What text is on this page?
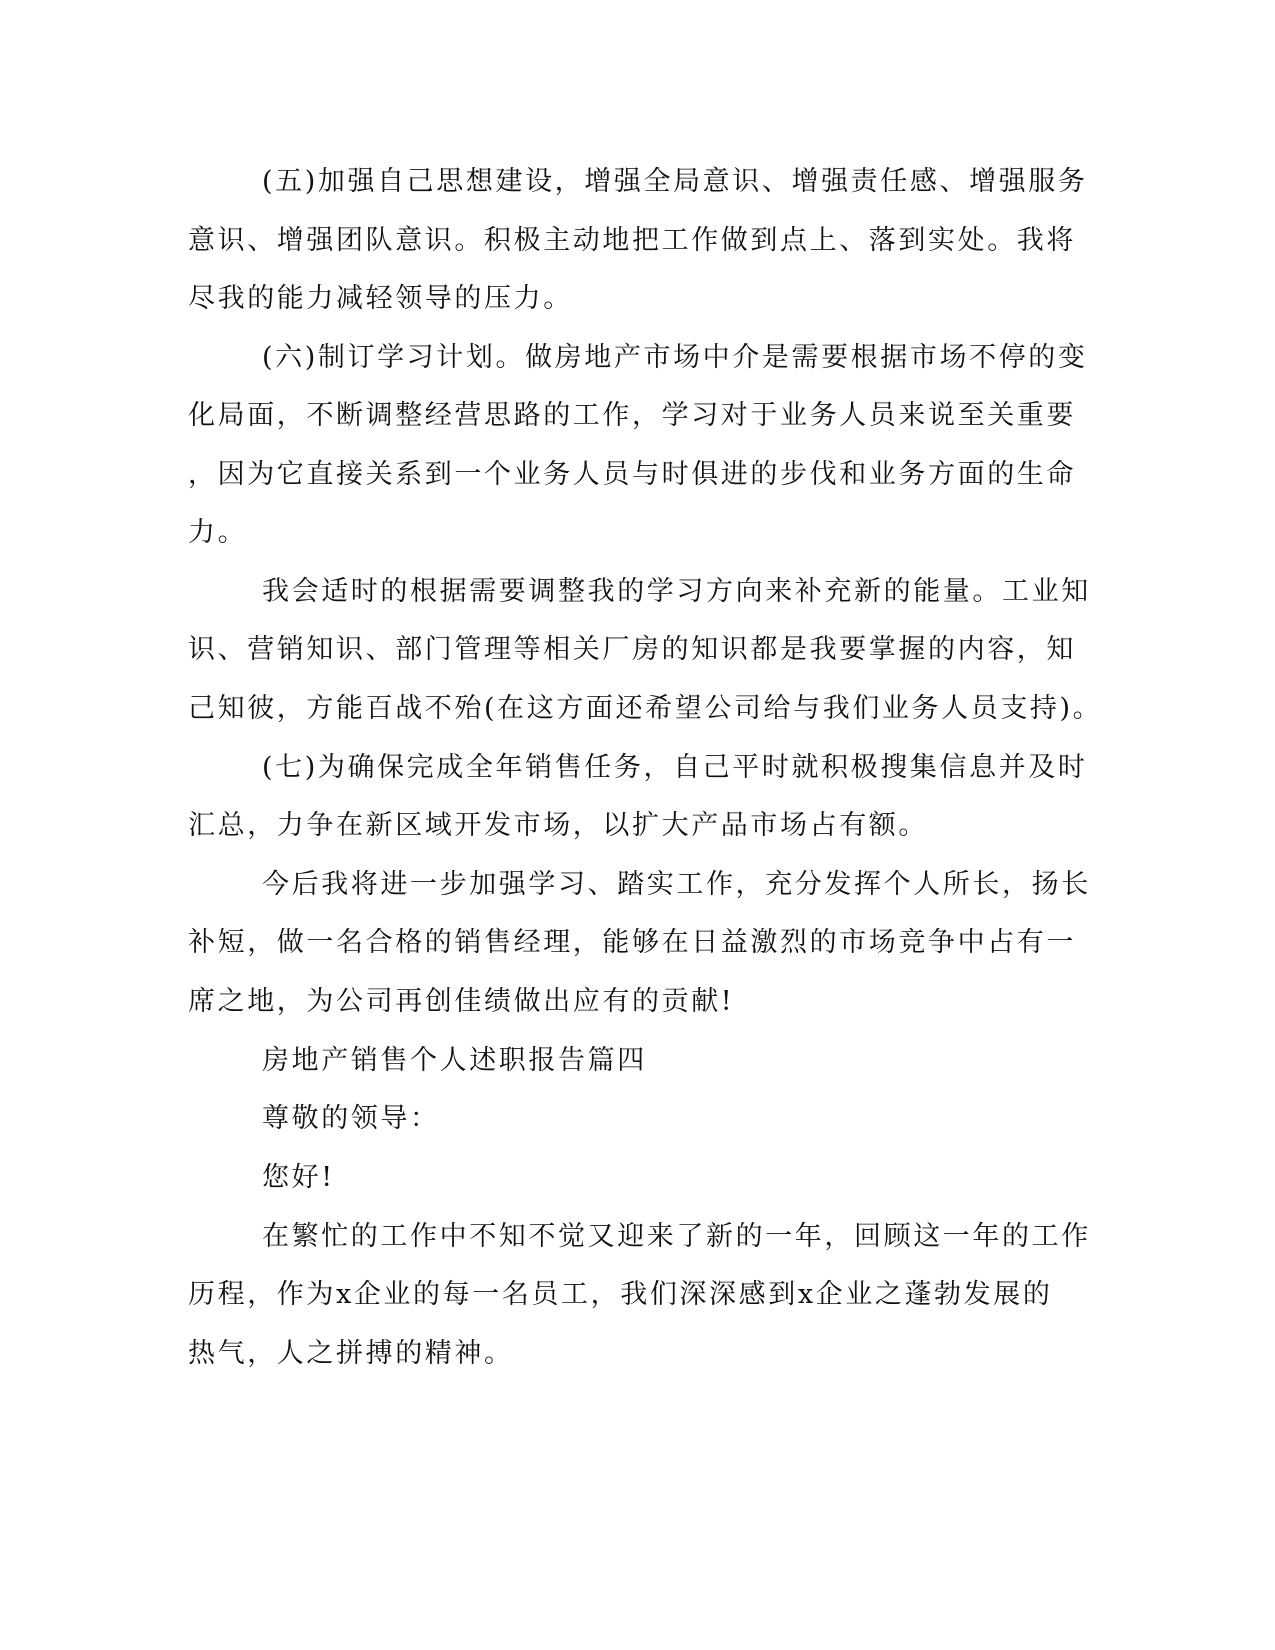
(五)加强自己思想建设，增强全局意识、增强责任感、增强服务
意识、增强团队意识。积极主动地把工作做到点上、落到实处。我将
尽我的能力减轻领导的压力。
(六)制订学习计划。做房地产市场中介是需要根据市场不停的变
化局面，不断调整经营思路的工作，学习对于业务人员来说至关重要
，因为它直接关系到一个业务人员与时俱进的步伐和业务方面的生命
力。
我会适时的根据需要调整我的学习方向来补充新的能量。工业知
识、营销知识、部门管理等相关厂房的知识都是我要掌握的内容，知
己知彼，方能百战不殆(在这方面还希望公司给与我们业务人员支持)。
(七)为确保完成全年销售任务，自己平时就积极搜集信息并及时
汇总，力争在新区域开发市场，以扩大产品市场占有额。
今后我将进一步加强学习、踏实工作，充分发挥个人所长，扬长
补短，做一名合格的销售经理，能够在日益激烈的市场竞争中占有一
席之地，为公司再创佳绩做出应有的贡献!
房地产销售个人述职报告篇四
尊敬的领导：
您好!
在繁忙的工作中不知不觉又迎来了新的一年，回顾这一年的工作
历程，作为x企业的每一名员工，我们深深感到x企业之蓬勃发展的
热气，人之拼搏的精神。
